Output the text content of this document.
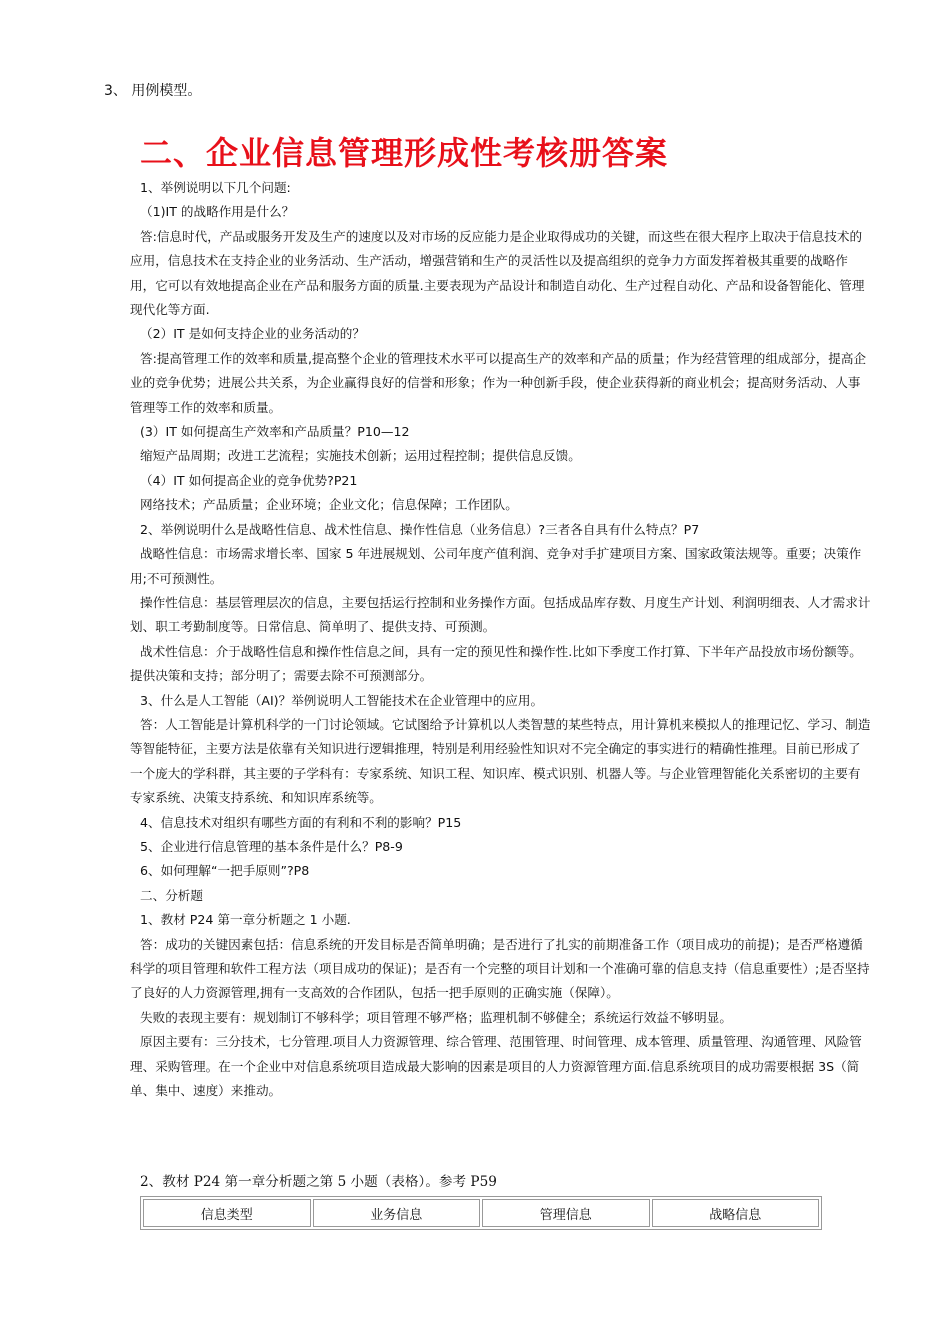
3、 用例模型。
二、企业信息管理形成性考核册答案

1、举例说明以下几个问题:

（1)IT 的战略作用是什么？

答:信息时代，产品或服务开发及生产的速度以及对市场的反应能力是企业取得成功的关键，而这些在很大程序上取决于信息技术的应用，信息技术在支持企业的业务活动、生产活动，增强营销和生产的灵活性以及提高组织的竞争力方面发挥着极其重要的战略作用，它可以有效地提高企业在产品和服务方面的质量.主要表现为产品设计和制造自动化、生产过程自动化、产品和设备智能化、管理现代化等方面.

（2）IT 是如何支持企业的业务活动的？

答:提高管理工作的效率和质量,提高整个企业的管理技术水平可以提高生产的效率和产品的质量；作为经营管理的组成部分，提高企业的竞争优势；进展公共关系，为企业赢得良好的信誉和形象；作为一种创新手段，使企业获得新的商业机会；提高财务活动、人事管理等工作的效率和质量。

(3）IT 如何提高生产效率和产品质量？P10—12

缩短产品周期；改进工艺流程；实施技术创新；运用过程控制；提供信息反馈。

（4）IT 如何提高企业的竞争优势?P21

网络技术；产品质量；企业环境；企业文化；信息保障；工作团队。

2、举例说明什么是战略性信息、战术性信息、操作性信息（业务信息）?三者各自具有什么特点？P7

战略性信息：市场需求增长率、国家 5 年进展规划、公司年度产值利润、竞争对手扩建项目方案、国家政策法规等。重要；决策作用;不可预测性。

操作性信息：基层管理层次的信息，主要包括运行控制和业务操作方面。包括成品库存数、月度生产计划、利润明细表、人才需求计划、职工考勤制度等。日常信息、简单明了、提供支持、可预测。

战术性信息：介于战略性信息和操作性信息之间，具有一定的预见性和操作性.比如下季度工作打算、下半年产品投放市场份额等。提供决策和支持；部分明了；需要去除不可预测部分。

3、什么是人工智能（AI)？举例说明人工智能技术在企业管理中的应用。

答：人工智能是计算机科学的一门讨论领域。它试图给予计算机以人类智慧的某些特点，用计算机来模拟人的推理记忆、学习、制造等智能特征，主要方法是依靠有关知识进行逻辑推理，特别是利用经验性知识对不完全确定的事实进行的精确性推理。目前已形成了一个庞大的学科群，其主要的子学科有：专家系统、知识工程、知识库、模式识别、机器人等。与企业管理智能化关系密切的主要有专家系统、决策支持系统、和知识库系统等。

4、信息技术对组织有哪些方面的有利和不利的影响？P15

5、企业进行信息管理的基本条件是什么？P8-9

6、如何理解“一把手原则”?P8

二、分析题

1、教材 P24 第一章分析题之 1 小题.

答：成功的关键因素包括：信息系统的开发目标是否简单明确；是否进行了扎实的前期准备工作（项目成功的前提)；是否严格遵循科学的项目管理和软件工程方法（项目成功的保证)；是否有一个完整的项目计划和一个准确可靠的信息支持（信息重要性）;是否坚持了良好的人力资源管理,拥有一支高效的合作团队，包括一把手原则的正确实施（保障）。

失败的表现主要有：规划制订不够科学；项目管理不够严格；监理机制不够健全；系统运行效益不够明显。

原因主要有：三分技术，七分管理.项目人力资源管理、综合管理、范围管理、时间管理、成本管理、质量管理、沟通管理、风险管理、采购管理。在一个企业中对信息系统项目造成最大影响的因素是项目的人力资源管理方面.信息系统项目的成功需要根据 3S（简单、集中、速度）来推动。

2、教材 P24 第一章分析题之第 5 小题（表格）。参考 P59
信息类型	业务信息	管理信息	战略信息
